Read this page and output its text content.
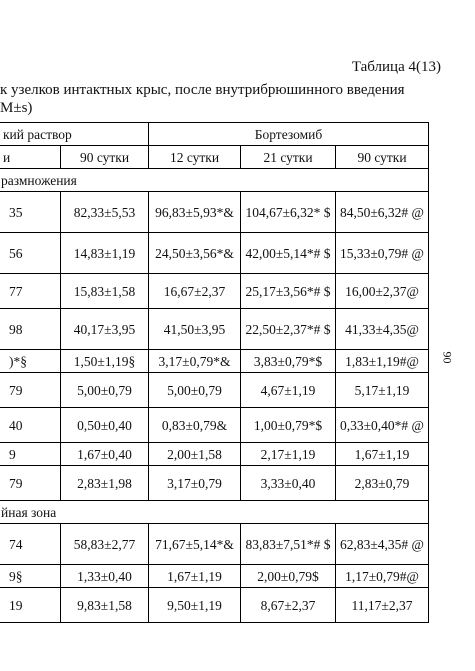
Таблица 4(13)
к узелков интактных крыс, после внутрибрюшинного введения

M±s)
90
кий раствор		Бортезомиб		
и	90 сутки	12 сутки	21 сутки	90 сутки
размножения				
35	82,33±5,53	96,83±5,93*&	104,67±6,32* $	84,50±6,32# @
56	14,83±1,19	24,50±3,56*&	42,00±5,14*# $	15,33±0,79# @
77	15,83±1,58	16,67±2,37	25,17±3,56*# $	16,00±2,37@
98	40,17±3,95	41,50±3,95	22,50±2,37*# $	41,33±4,35@
)*§	1,50±1,19§	3,17±0,79*&	3,83±0,79*$	1,83±1,19#@
79	5,00±0,79	5,00±0,79	4,67±1,19	5,17±1,19
40	0,50±0,40	0,83±0,79&	1,00±0,79*$	0,33±0,40*# @
9	1,67±0,40	2,00±1,58	2,17±1,19	1,67±1,19
79	2,83±1,98	3,17±0,79	3,33±0,40	2,83±0,79
йная зона				
74	58,83±2,77	71,67±5,14*&	83,83±7,51*# $	62,83±4,35# @
9§	1,33±0,40	1,67±1,19	2,00±0,79$	1,17±0,79#@
19	9,83±1,58	9,50±1,19	8,67±2,37	11,17±2,37
